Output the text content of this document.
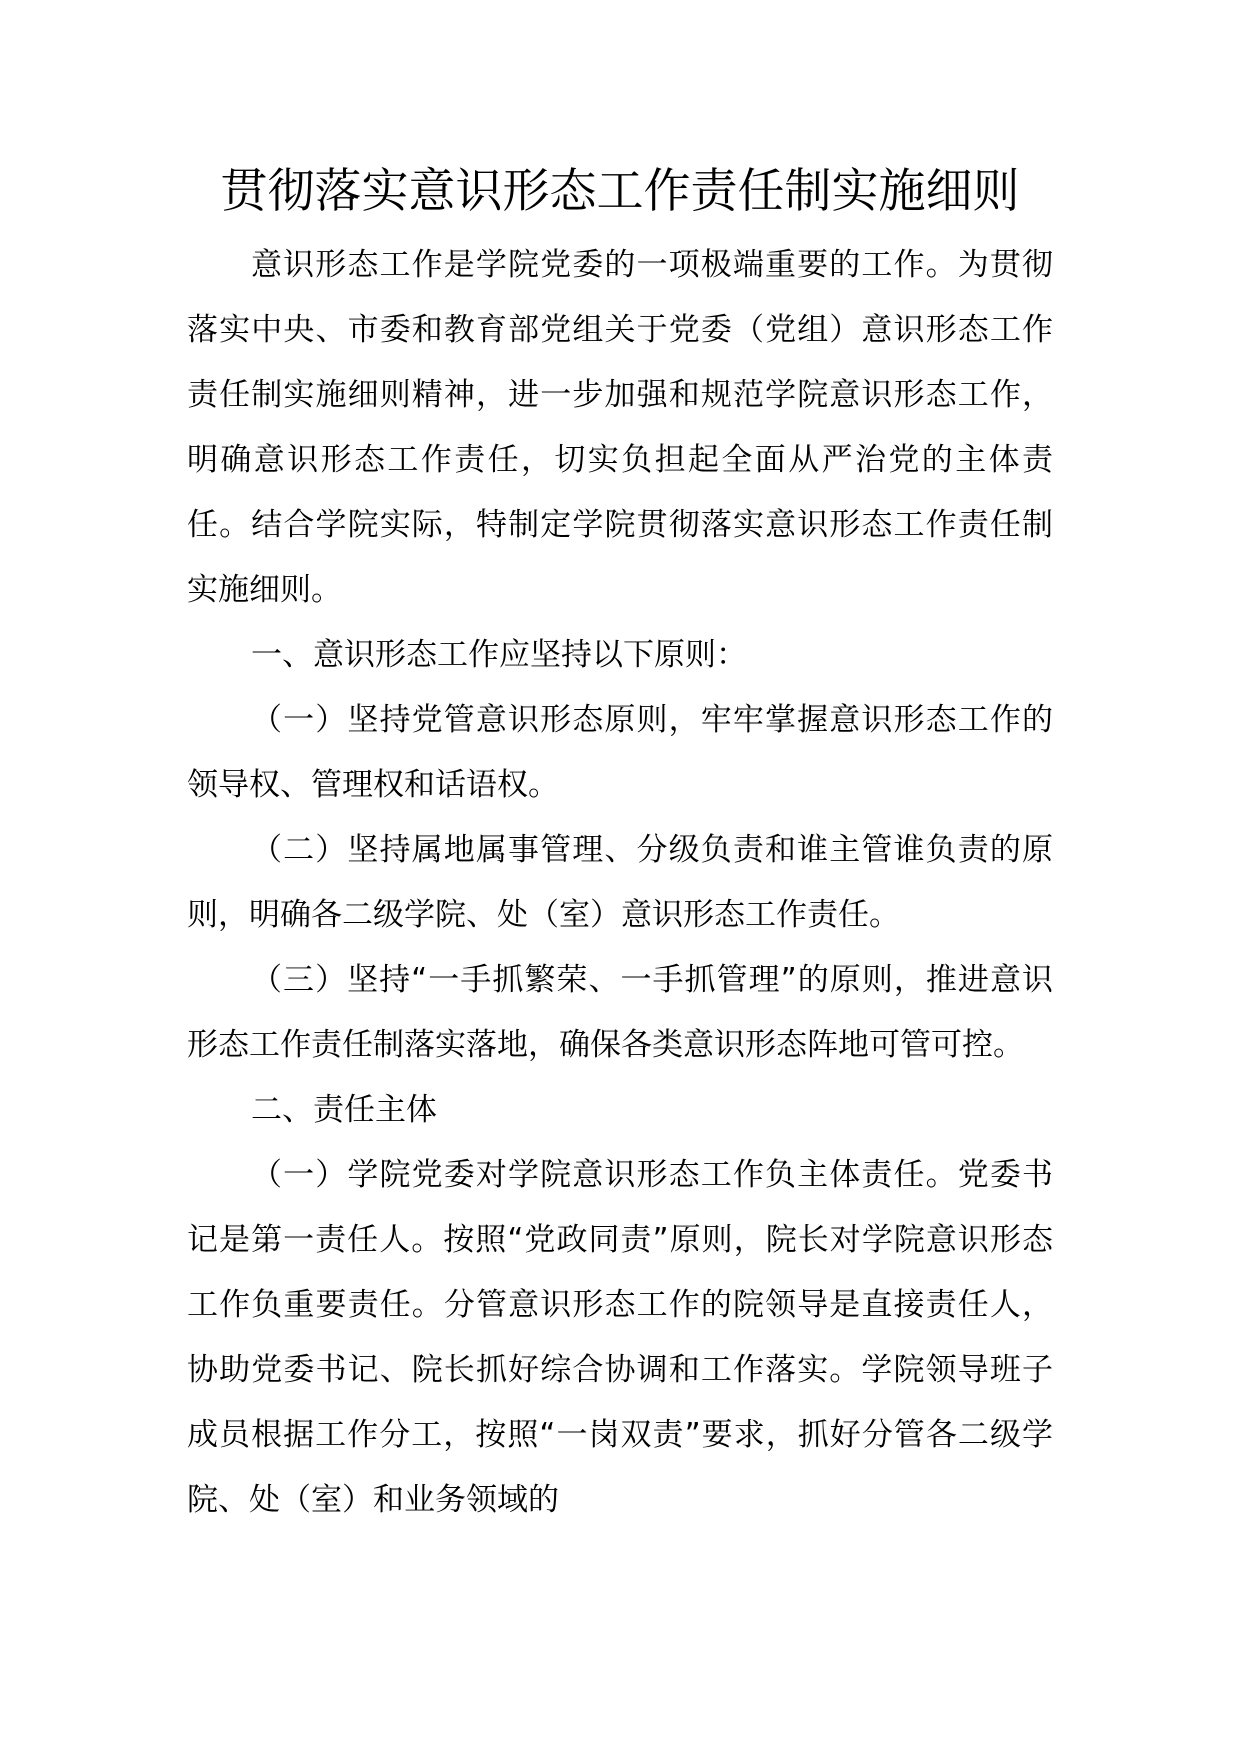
贯彻落实意识形态工作责任制实施细则

意识形态工作是学院党委的一项极端重要的工作。为贯彻落实中央、市委和教育部党组关于党委（党组）意识形态工作责任制实施细则精神，进一步加强和规范学院意识形态工作，明确意识形态工作责任，切实负担起全面从严治党的主体责任。结合学院实际，特制定学院贯彻落实意识形态工作责任制实施细则。

一、意识形态工作应坚持以下原则：

（一）坚持党管意识形态原则，牢牢掌握意识形态工作的领导权、管理权和话语权。

（二）坚持属地属事管理、分级负责和谁主管谁负责的原则，明确各二级学院、处（室）意识形态工作责任。

（三）坚持“一手抓繁荣、一手抓管理”的原则，推进意识形态工作责任制落实落地，确保各类意识形态阵地可管可控。

二、责任主体

（一）学院党委对学院意识形态工作负主体责任。党委书记是第一责任人。按照“党政同责”原则，院长对学院意识形态工作负重要责任。分管意识形态工作的院领导是直接责任人，协助党委书记、院长抓好综合协调和工作落实。学院领导班子成员根据工作分工，按照“一岗双责”要求，抓好分管各二级学院、处（室）和业务领域的
